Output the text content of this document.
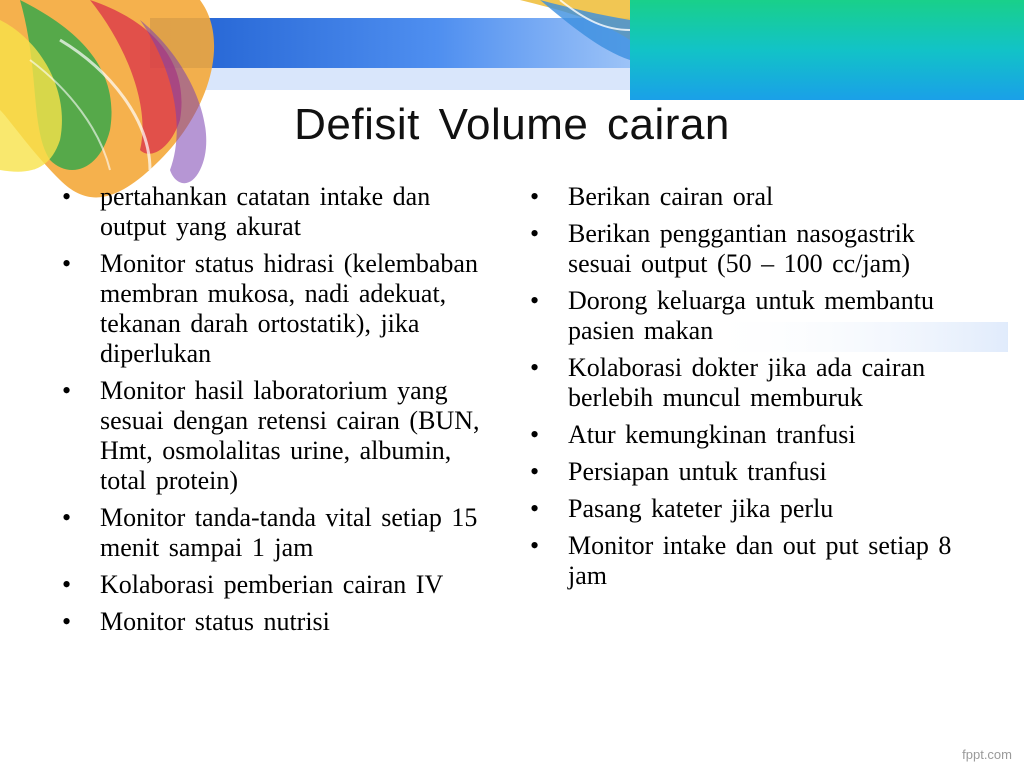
Defisit Volume cairan
• pertahankan catatan intake dan output yang akurat
• Monitor status hidrasi (kelembaban membran mukosa, nadi adekuat, tekanan darah ortostatik), jika diperlukan
• Monitor hasil laboratorium yang sesuai dengan retensi cairan (BUN, Hmt, osmolalitas urine, albumin, total protein)
• Monitor tanda-tanda vital setiap 15 menit sampai 1 jam
• Kolaborasi pemberian cairan IV
• Monitor status nutrisi
• Berikan cairan oral
• Berikan penggantian nasogastrik sesuai output (50 – 100 cc/jam)
• Dorong keluarga untuk membantu pasien makan
• Kolaborasi dokter jika ada cairan berlebih muncul memburuk
• Atur kemungkinan tranfusi
• Persiapan untuk tranfusi
• Pasang kateter jika perlu
• Monitor intake dan out put setiap 8 jam
fppt.com
